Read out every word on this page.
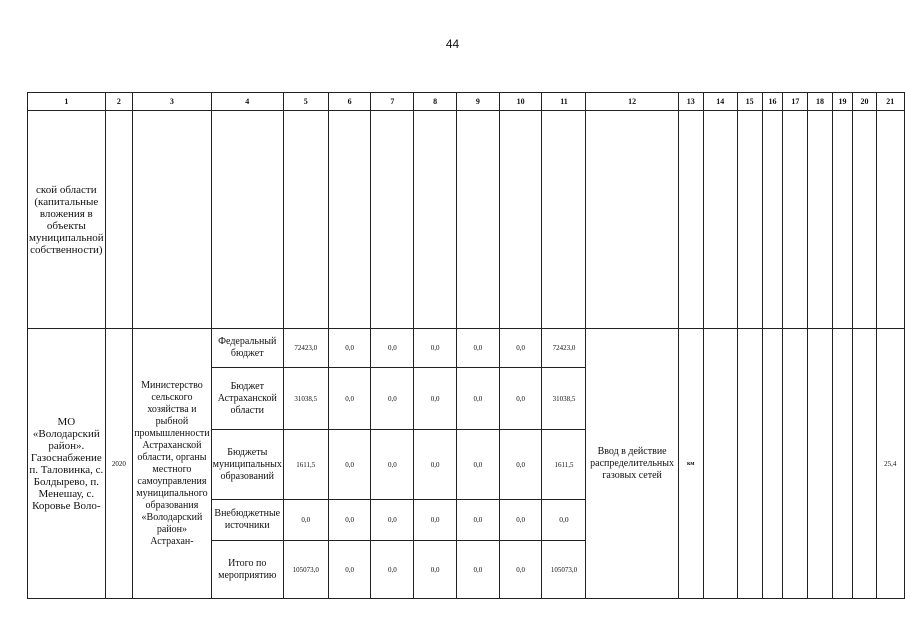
44
1	2	3	4	5	6	7	8	9	10	11	12	13	14	15	16	17	18	19	20	21
ской области (капитальные вложения в объекты муниципальной собственности)																				
МО «Володарский район». Газоснабжение п. Таловинка, с. Болдырево, п. Менешау, с. Коровье Воло-	2020	Министерство сельского хозяйства и рыбной промышленности Астраханской области, органы местного самоуправления муниципального образования «Володарский район» Астрахан-	Федеральный бюджет	72423,0	0,0	0,0	0,0	0,0	0,0	72423,0	Ввод в действие распределительных газовых сетей	км								25,4
			Бюджет Астраханской области	31038,5	0,0	0,0	0,0	0,0	0,0	31038,5										
			Бюджеты муниципальных образований	1611,5	0,0	0,0	0,0	0,0	0,0	1611,5										
			Внебюджетные источники	0,0	0,0	0,0	0,0	0,0	0,0	0,0										
			Итого по мероприятию	105073,0	0,0	0,0	0,0	0,0	0,0	105073,0										
